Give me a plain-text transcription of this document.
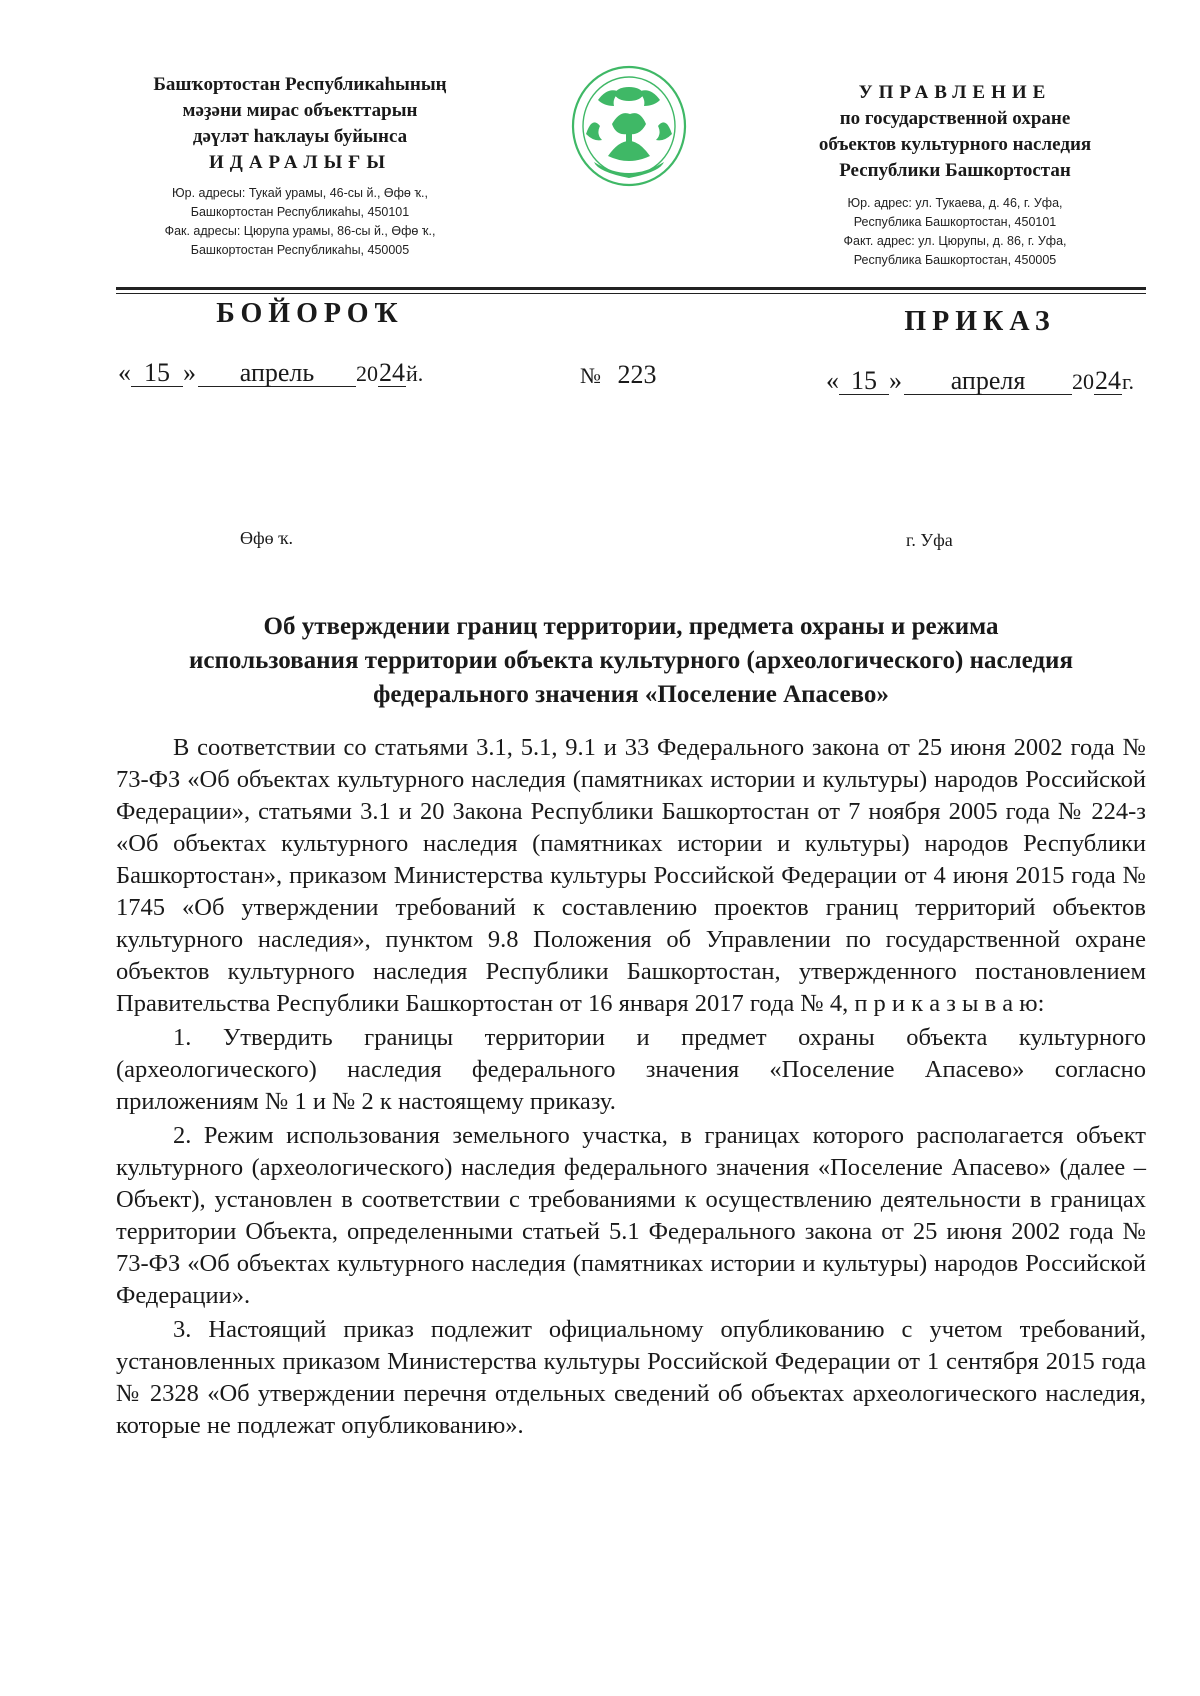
Башҡортостан Республикаһының
мәҙәни мирас объекттарын
дәүләт һаҡлауы буйынса
ИДАРАЛЫҒЫ
Юр. адресы: Тукай урамы, 46-сы й., Өфө ҡ.,
Башкортостан Республикаһы, 450101
Фак. адресы: Цюрупа урамы, 86-сы й., Өфө ҡ.,
Башкортостан Республикаһы, 450005
УПРАВЛЕНИЕ
по государственной охране
объектов культурного наследия
Республики Башкортостан
Юр. адрес: ул. Тукаева, д. 46, г. Уфа,
Республика Башкортостан, 450101
Факт. адрес: ул. Цюрупы, д. 86, г. Уфа,
Республика Башкортостан, 450005
БОЙОРОҠ	ПРИКАЗ
« 15 » апрель 2024й.	№ 223	« 15 » апреля 2024г.
Өфө ҡ.	г. Уфа
Об утверждении границ территории, предмета охраны и режима
использования территории объекта культурного (археологического) наследия
федерального значения «Поселение Апасево»

В соответствии со статьями 3.1, 5.1, 9.1 и 33 Федерального закона от 25 июня 2002 года № 73-ФЗ «Об объектах культурного наследия (памятниках истории и культуры) народов Российской Федерации», статьями 3.1 и 20 Закона Республики Башкортостан от 7 ноября 2005 года № 224-з «Об объектах культурного наследия (памятниках истории и культуры) народов Республики Башкортостан», приказом Министерства культуры Российской Федерации от 4 июня 2015 года № 1745 «Об утверждении требований к составлению проектов границ территорий объектов культурного наследия», пунктом 9.8 Положения об Управлении по государственной охране объектов культурного наследия Республики Башкортостан, утвержденного постановлением Правительства Республики Башкортостан от 16 января 2017 года № 4, п р и к а з ы в а ю:

1. Утвердить границы территории и предмет охраны объекта культурного (археологического) наследия федерального значения «Поселение Апасево» согласно приложениям № 1 и № 2 к настоящему приказу.

2. Режим использования земельного участка, в границах которого располагается объект культурного (археологического) наследия федерального значения «Поселение Апасево» (далее – Объект), установлен в соответствии с требованиями к осуществлению деятельности в границах территории Объекта, определенными статьей 5.1 Федерального закона от 25 июня 2002 года № 73-ФЗ «Об объектах культурного наследия (памятниках истории и культуры) народов Российской Федерации».

3. Настоящий приказ подлежит официальному опубликованию с учетом требований, установленных приказом Министерства культуры Российской Федерации от 1 сентября 2015 года № 2328 «Об утверждении перечня отдельных сведений об объектах археологического наследия, которые не подлежат опубликованию».
